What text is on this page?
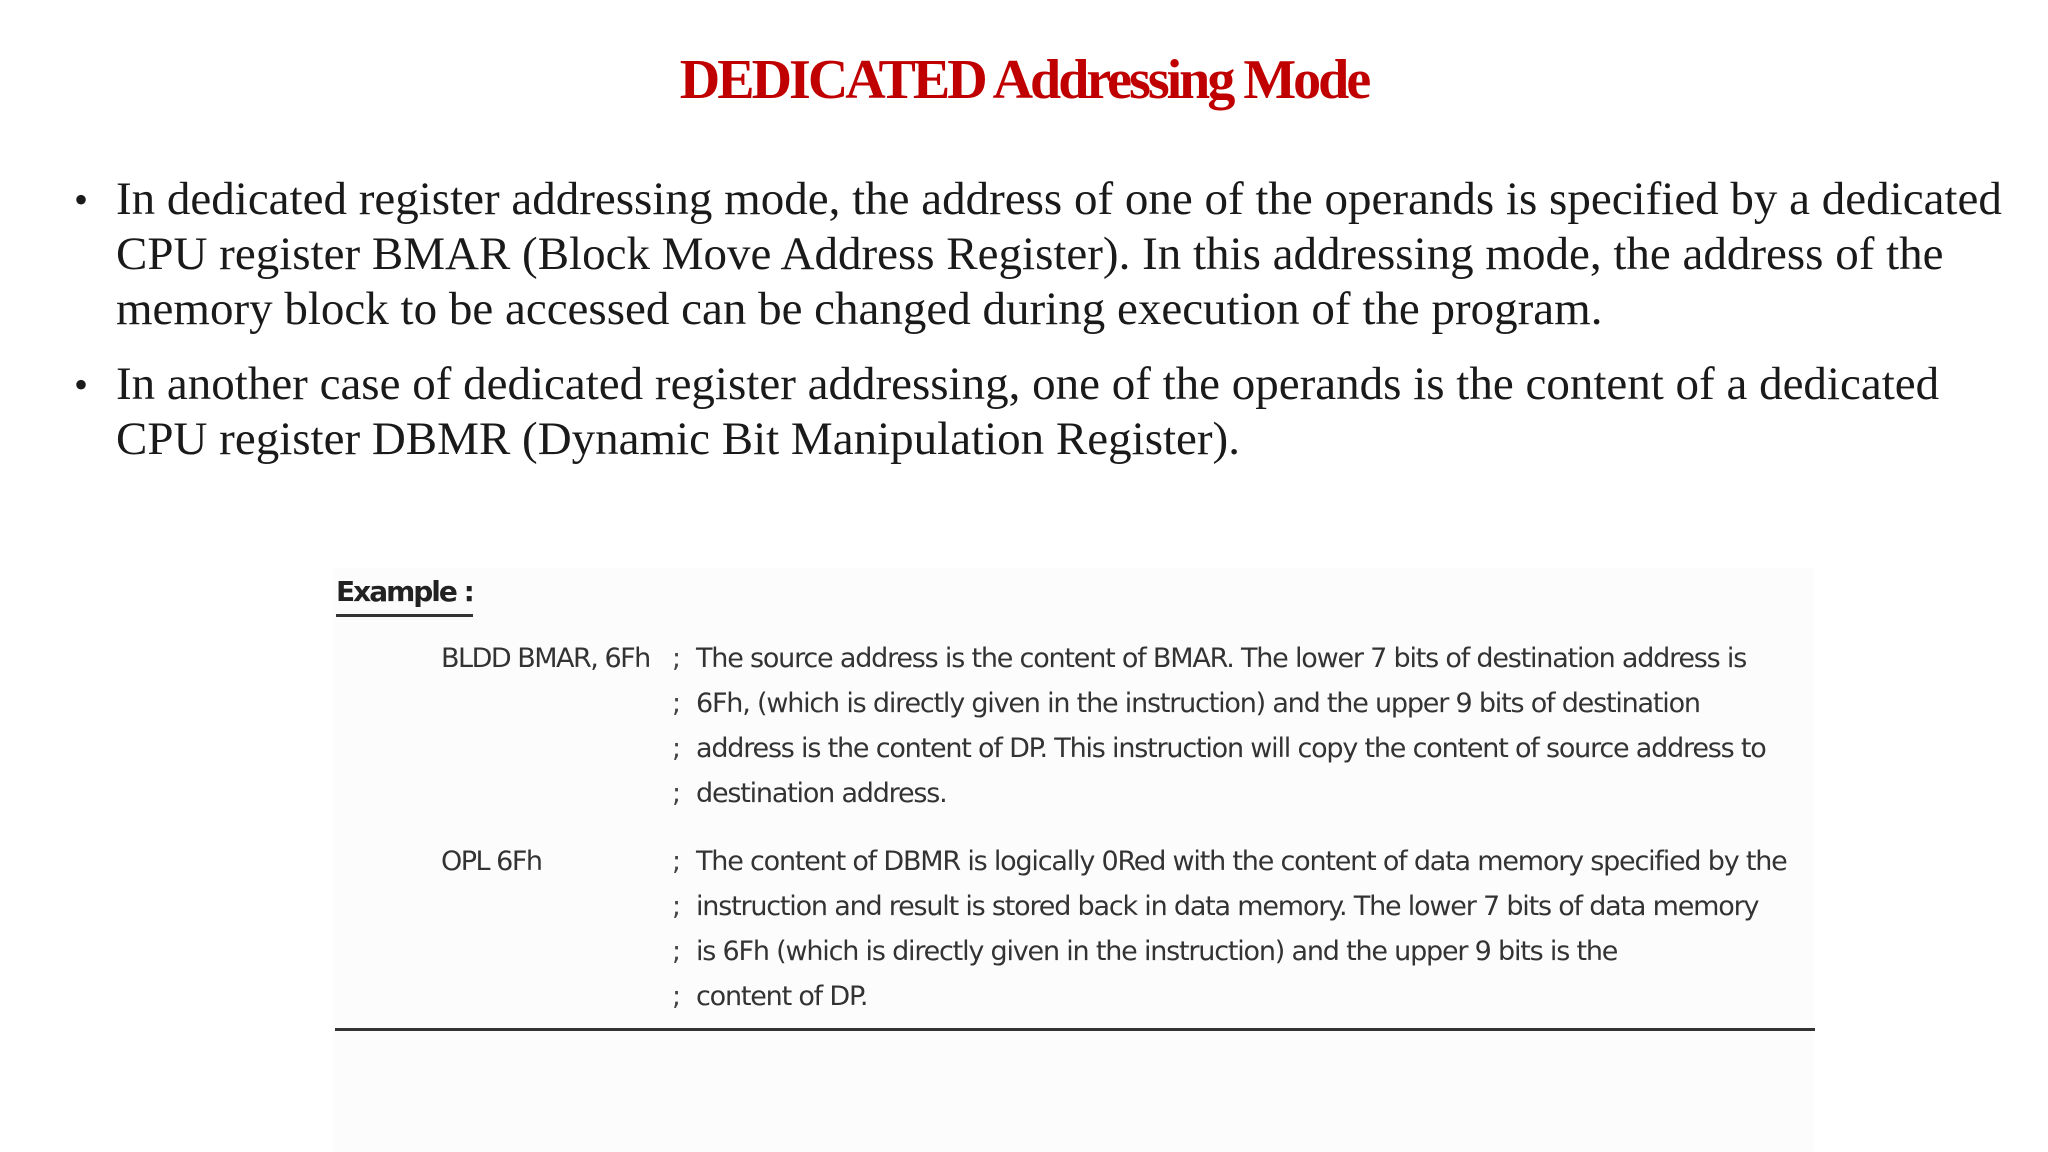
DEDICATED Addressing Mode
• In dedicated register addressing mode, the address of one of the operands is specified by a dedicated CPU register BMAR (Block Move Address Register). In this addressing mode, the address of the memory block to be accessed can be changed during execution of the program.
• In another case of dedicated register addressing, one of the operands is the content of a dedicated CPU register DBMR (Dynamic Bit Manipulation Register).
Example :
BLDD BMAR, 6Fh ; The source address is the content of BMAR. The lower 7 bits of destination address is
; 6Fh, (which is directly given in the instruction) and the upper 9 bits of destination
; address is the content of DP. This instruction will copy the content of source address to
; destination address.
OPL 6Fh	; The content of DBMR is logically 0Red with the content of data memory specified by the
; instruction and result is stored back in data memory. The lower 7 bits of data memory
; is 6Fh (which is directly given in the instruction) and the upper 9 bits is the
; content of DP.
